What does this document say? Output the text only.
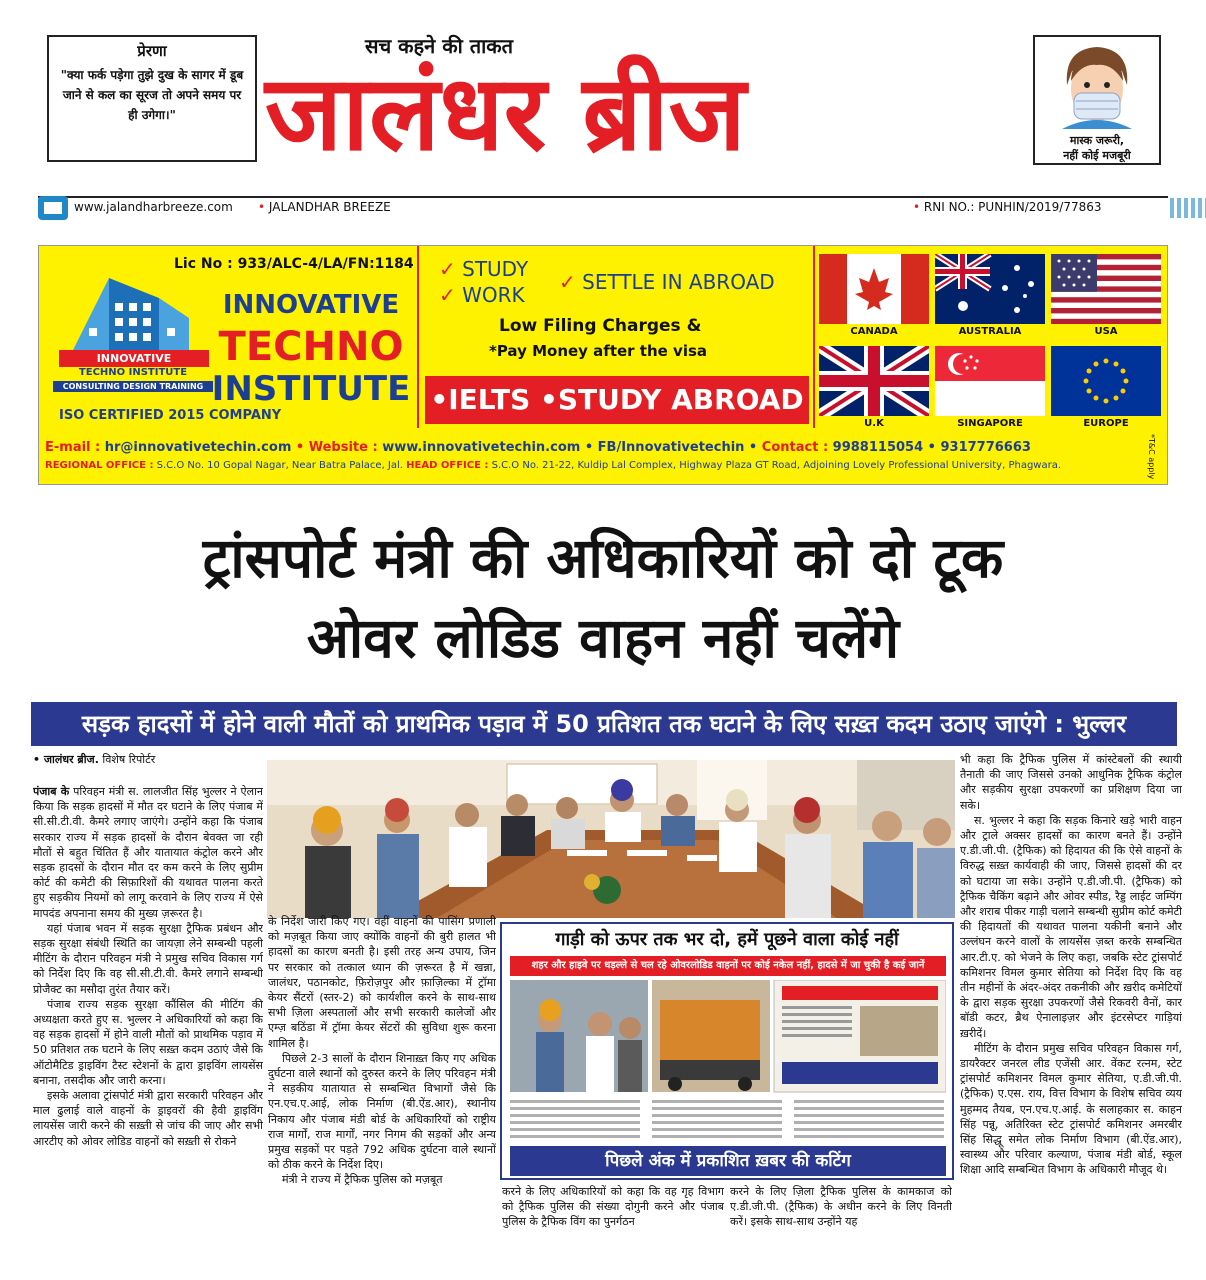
प्रेरणा
"क्या फर्क पड़ेगा तुझे दुख के सागर में डूब जाने से कल का सूरज तो अपने समय पर ही उगेगा।"
सच कहने की ताकत
जालंधर ब्रीज	मास्क जरूरी,
नहीं कोई मजबूरी
www.jalandharbreeze.com • JALANDHAR BREEZE	• RNI NO.: PUNHIN/2019/77863
INNOVATIVE
TECHNO INSTITUTE
CONSULTING DESIGN TRAINING
ISO CERTIFIED 2015 COMPANY
Lic No : 933/ALC-4/LA/FN:1184
INNOVATIVE
TECHNO
INSTITUTE
✓ STUDY
✓ WORK
✓ SETTLE IN ABROAD
Low Filing Charges &
*Pay Money after the visa
•IELTS •STUDY ABROAD
CANADA	AUSTRALIA	USA
U.K	SINGAPORE	EUROPE
E-mail : hr@innovativetechin.com • Website : www.innovativetechin.com • FB/Innovativetechin • Contact : 9988115054 • 9317776663
REGIONAL OFFICE : S.C.O No. 10 Gopal Nagar, Near Batra Palace, Jal. HEAD OFFICE : S.C.O No. 21-22, Kuldip Lal Complex, Highway Plaza GT Road, Adjoining Lovely Professional University, Phagwara.	*T&C apply
ट्रांसपोर्ट मंत्री की अधिकारियों को दो टूक
ओवर लोडिड वाहन नहीं चलेंगे
सड़क हादसों में होने वाली मौतों को प्राथमिक पड़ाव में 50 प्रतिशत तक घटाने के लिए सख़्त कदम उठाए जाएंगे : भुल्लर
• जालंधर ब्रीज. विशेष रिपोर्टर

पंजाब के परिवहन मंत्री स. लालजीत सिंह भुल्लर ने ऐलान किया कि सड़क हादसों में मौत दर घटाने के लिए पंजाब में सी.सी.टी.वी. कैमरे लगाए जाएंगे। उन्होंने कहा कि पंजाब सरकार राज्य में सड़क हादसों के दौरान बेवक्त जा रही मौतों से बहुत चिंतित हैं और यातायात कंट्रोल करने और सड़क हादसों के दौरान मौत दर कम करने के लिए सुप्रीम कोर्ट की कमेटी की सिफ़ारिशों की यथावत पालना करते हुए सड़कीय नियमों को लागू करवाने के लिए राज्य में ऐसे मापदंड अपनाना समय की मुख्य ज़रूरत है।

यहां पंजाब भवन में सड़क सुरक्षा ट्रैफिक प्रबंधन और सड़क सुरक्षा संबंधी स्थिति का जायज़ा लेने सम्बन्धी पहली मीटिंग के दौरान परिवहन मंत्री ने प्रमुख सचिव विकास गर्ग को निर्देश दिए कि वह सी.सी.टी.वी. कैमरे लगाने सम्बन्धी प्रोजैक्ट का मसौदा तुरंत तैयार करें।

पंजाब राज्य सड़क सुरक्षा कौंसिल की मीटिंग की अध्यक्षता करते हुए स. भुल्लर ने अधिकारियों को कहा कि वह सड़क हादसों में होने वाली मौतों को प्राथमिक पड़ाव में 50 प्रतिशत तक घटाने के लिए सख़्त कदम उठाएं जैसे कि ऑटोमैटिड ड्राइविंग टैस्ट स्टेशनों के द्वारा ड्राइविंग लायसेंस बनाना, तसदीक और जारी करना।

इसके अलावा ट्रांसपोर्ट मंत्री द्वारा सरकारी परिवहन और माल ढुलाई वाले वाहनों के ड्राइवरों की हैवी ड्राइविंग लायसेंस जारी करने की सख़्ती से जांच की जाए और सभी आरटीए को ओवर लोडिड वाहनों को सख़्ती से रोकने

के निर्देश जारी किए गए। वहीं वाहनों की पासिंग प्रणाली को मज़बूत किया जाए क्योंकि वाहनों की बुरी हालत भी हादसों का कारण बनती है। इसी तरह अन्य उपाय, जिन पर सरकार को तत्काल ध्यान की ज़रूरत है में खन्ना, जालंधर, पठानकोट, फ़िरोज़पुर और फ़ाज़िल्का में ट्रॉमा केयर सैंटरों (स्तर-2) को कार्यशील करने के साथ-साथ सभी ज़िला अस्पतालों और सभी सरकारी कालेजों और एम्ज़ बठिंडा में ट्रॉमा केयर सेंटरों की सुविधा शुरू करना शामिल है।

पिछले 2-3 सालों के दौरान शिनाख़्त किए गए अधिक दुर्घटना वाले स्थानों को दुरुस्त करने के लिए परिवहन मंत्री ने सड़कीय यातायात से सम्बन्धित विभागों जैसे कि एन.एच.ए.आई, लोक निर्माण (बी.ऐंड.आर), स्थानीय निकाय और पंजाब मंडी बोर्ड के अधिकारियों को राष्ट्रीय राज मार्गों, राज मार्गों, नगर निगम की सड़कों और अन्य प्रमुख सड़कों पर पड़ते 792 अधिक दुर्घटना वाले स्थानों को ठीक करने के निर्देश दिए।

मंत्री ने राज्य में ट्रैफिक पुलिस को मज़बूत

गाड़ी को ऊपर तक भर दो, हमें पूछने वाला कोई नहीं
शहर और हाइवे पर धड़ल्ले से चल रहे ओवरलोडिड वाहनों पर कोई नकेल नहीं, हादसे में जा चुकी है कई जानें
पिछले अंक में प्रकाशित ख़बर की कटिंग

करने के लिए अधिकारियों को कहा कि वह गृह विभाग को ट्रैफिक पुलिस की संख्या दोगुनी करने और पंजाब पुलिस के ट्रैफिक विंग का पुनर्गठन

करने के लिए ज़िला ट्रैफिक पुलिस के कामकाज को ए.डी.जी.पी. (ट्रैफिक) के अधीन करने के लिए विनती करें। इसके साथ-साथ उन्होंने यह

भी कहा कि ट्रैफिक पुलिस में कांस्टेबलों की स्थायी तैनाती की जाए जिससे उनको आधुनिक ट्रैफिक कंट्रोल और सड़कीय सुरक्षा उपकरणों का प्रशिक्षण दिया जा सके।

स. भुल्लर ने कहा कि सड़क किनारे खड़े भारी वाहन और ट्राले अक्सर हादसों का कारण बनते हैं। उन्होंने ए.डी.जी.पी. (ट्रैफिक) को हिदायत की कि ऐसे वाहनों के विरुद्ध सख़्त कार्यवाही की जाए, जिससे हादसों की दर को घटाया जा सके। उन्होंने ए.डी.जी.पी. (ट्रैफिक) को ट्रैफिक चैकिंग बढ़ाने और ओवर स्पीड, रैड्ड लाईट जम्पिंग और शराब पीकर गाड़ी चलाने सम्बन्धी सुप्रीम कोर्ट कमेटी की हिदायतों की यथावत पालना यकीनी बनाने और उल्लंघन करने वालों के लायसेंस ज़ब्त करके सम्बन्धित आर.टी.ए. को भेजने के लिए कहा, जबकि स्टेट ट्रांसपोर्ट कमिशनर विमल कुमार सेतिया को निर्देश दिए कि वह तीन महीनों के अंदर-अंदर तकनीकी और ख़रीद कमेटियों के द्वारा सड़क सुरक्षा उपकरणों जैसे रिकवरी वैनों, कार बॉडी कटर, ब्रैथ ऐनालाइज़र और इंटरसेप्टर गाड़ियां ख़रीदें।

मीटिंग के दौरान प्रमुख सचिव परिवहन विकास गर्ग, डायरैक्टर जनरल लीड एजेंसी आर. वेंकट रत्नम, स्टेट ट्रांसपोर्ट कमिशनर विमल कुमार सेतिया, ए.डी.जी.पी. (ट्रैफिक) ए.एस. राय, वित्त विभाग के विशेष सचिव व्यय मुहम्मद तैयब, एन.एच.ए.आई. के सलाहकार स. काहन सिंह पन्नू, अतिरिक्त स्टेट ट्रांसपोर्ट कमिशनर अमरबीर सिंह सिद्धू समेत लोक निर्माण विभाग (बी.ऐंड.आर), स्वास्थ्य और परिवार कल्याण, पंजाब मंडी बोर्ड, स्कूल शिक्षा आदि सम्बन्धित विभाग के अधिकारी मौजूद थे।
